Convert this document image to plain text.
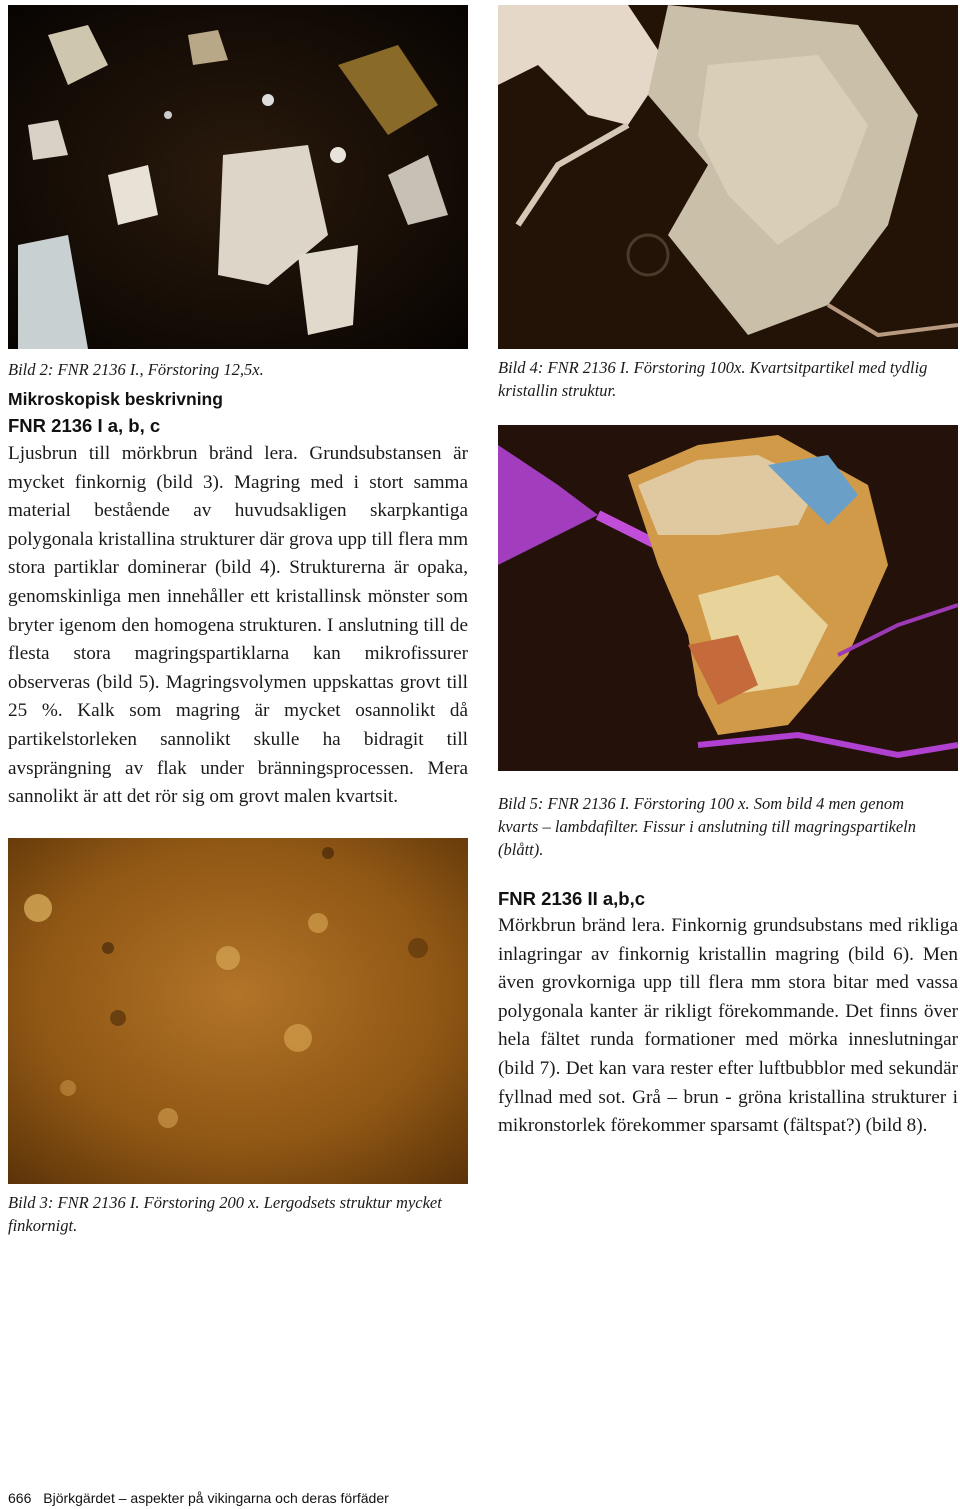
Bild 2: FNR 2136 I., Förstoring 12,5x.	Bild 4: FNR 2136 I. Förstoring 100x. Kvartsitpartikel med tydlig kristallin struktur.
Mikroskopisk beskrivning
FNR 2136 I a, b, c
Ljusbrun till mörkbrun bränd lera. Grundsubstansen är mycket finkornig (bild 3). Magring med i stort samma material bestående av huvudsakligen skarpkantiga polygonala kristallina strukturer där grova upp till flera mm stora partiklar dominerar (bild 4). Strukturerna är opaka, genomskinliga men innehåller ett kristallinsk mönster som bryter igenom den homogena strukturen. I anslutning till de flesta stora magringspartiklarna kan mikrofissurer observeras (bild 5). Magringsvolymen uppskattas grovt till 25 %. Kalk som magring är mycket osannolikt då partikelstorleken sannolikt skulle ha bidragit till avsprängning av flak under bränningsprocessen. Mera sannolikt är att det rör sig om grovt malen kvartsit.	Bild 5: FNR 2136 I. Förstoring 100 x. Som bild 4 men genom kvarts – lambdafilter. Fissur i anslutning till magringspartikeln (blått).
Bild 3: FNR 2136 I. Förstoring 200 x. Lergodsets struktur mycket finkornigt.
FNR 2136 II a,b,c
Mörkbrun bränd lera. Finkornig grundsubstans med rikliga inlagringar av finkornig kristallin magring (bild 6). Men även grovkorniga upp till flera mm stora bitar med vassa polygonala kanter är rikligt förekommande. Det finns över hela fältet runda formationer med mörka inneslutningar (bild 7). Det kan vara rester efter luftbubblor med sekundär fyllnad med sot. Grå – brun - gröna kristallina strukturer i mikronstorlek förekommer sparsamt (fältspat?) (bild 8).
666 Björkgärdet – aspekter på vikingarna och deras förfäder
